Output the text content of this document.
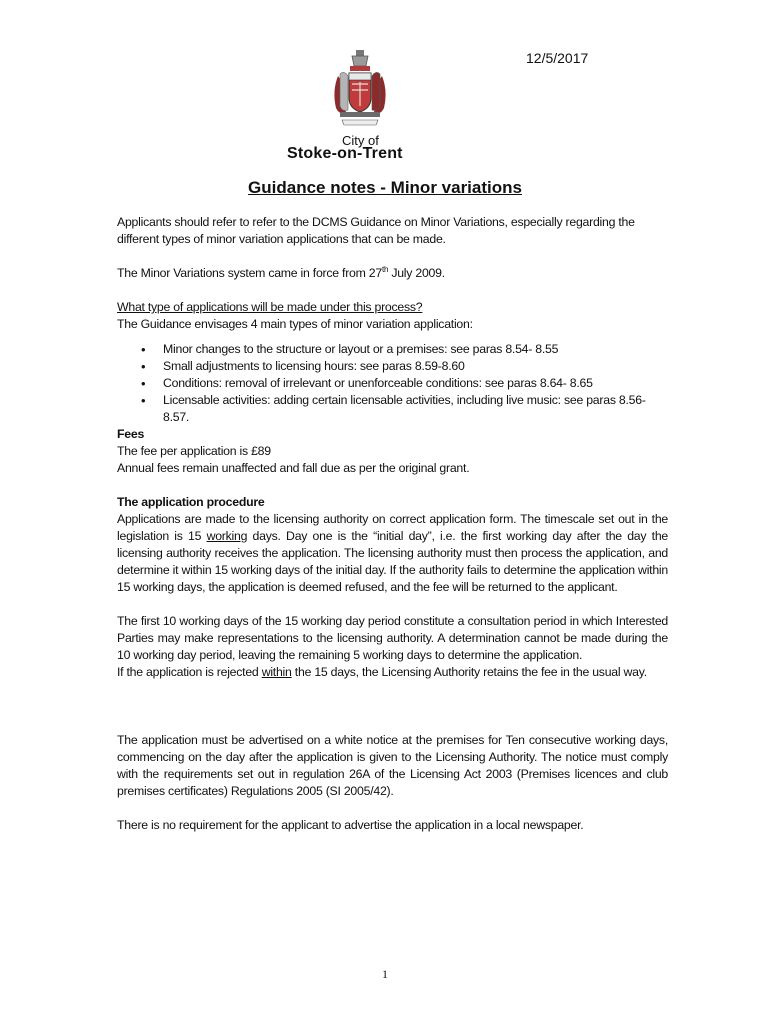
12/5/2017
City of
Stoke-on-Trent
Guidance notes - Minor variations

Applicants should refer to refer to the DCMS Guidance on Minor Variations, especially regarding the different types of minor variation applications that can be made.

The Minor Variations system came in force from 27th July 2009.

What type of applications will be made under this process?

The Guidance envisages 4 main types of minor variation application:

• Minor changes to the structure or layout or a premises: see paras 8.54- 8.55
• Small adjustments to licensing hours: see paras 8.59-8.60
• Conditions: removal of irrelevant or unenforceable conditions: see paras 8.64- 8.65
• Licensable activities: adding certain licensable activities, including live music: see paras 8.56-8.57.

Fees

The fee per application is £89

Annual fees remain unaffected and fall due as per the original grant.

The application procedure

Applications are made to the licensing authority on correct application form. The timescale set out in the legislation is 15 working days. Day one is the “initial day”, i.e. the first working day after the day the licensing authority receives the application. The licensing authority must then process the application, and determine it within 15 working days of the initial day. If the authority fails to determine the application within 15 working days, the application is deemed refused, and the fee will be returned to the applicant.

The first 10 working days of the 15 working day period constitute a consultation period in which Interested Parties may make representations to the licensing authority. A determination cannot be made during the 10 working day period, leaving the remaining 5 working days to determine the application.

If the application is rejected within the 15 days, the Licensing Authority retains the fee in the usual way.

The application must be advertised on a white notice at the premises for Ten consecutive working days, commencing on the day after the application is given to the Licensing Authority. The notice must comply with the requirements set out in regulation 26A of the Licensing Act 2003 (Premises licences and club premises certificates) Regulations 2005 (SI 2005/42).

There is no requirement for the applicant to advertise the application in a local newspaper.

1
